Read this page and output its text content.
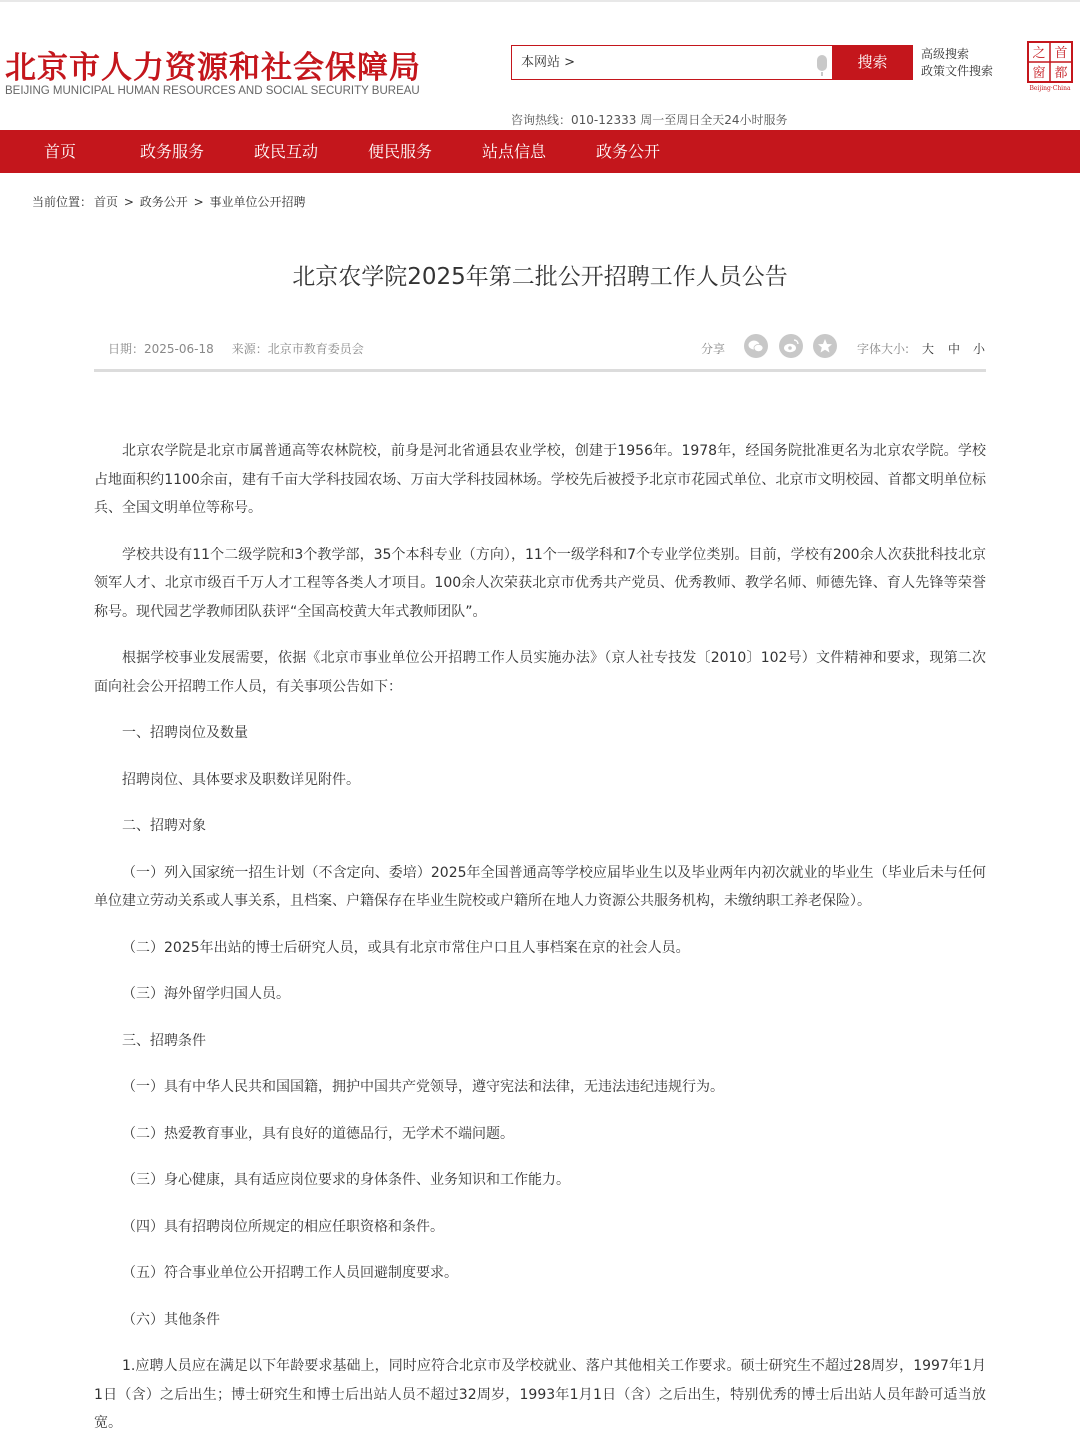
北京市人力资源和社会保障局
BEIJING MUNICIPAL HUMAN RESOURCES AND SOCIAL SECURITY BUREAU
本网站 >
搜索	高级搜索
政策文件搜索
之 首
窗 都
Beijing·China
咨询热线：010-12333 周一至周日全天24小时服务
首页	政务服务	政民互动	便民服务	站点信息	政务公开
当前位置： 首页 > 政务公开 > 事业单位公开招聘
北京农学院2025年第二批公开招聘工作人员公告
日期：2025-06-18 来源：北京市教育委员会	分享	字体大小: 大 中 小

北京农学院是北京市属普通高等农林院校，前身是河北省通县农业学校，创建于1956年。1978年，经国务院批准更名为北京农学院。学校占地面积约1100余亩，建有千亩大学科技园农场、万亩大学科技园林场。学校先后被授予北京市花园式单位、北京市文明校园、首都文明单位标兵、全国文明单位等称号。

学校共设有11个二级学院和3个教学部，35个本科专业（方向），11个一级学科和7个专业学位类别。目前，学校有200余人次获批科技北京领军人才、北京市级百千万人才工程等各类人才项目。100余人次荣获北京市优秀共产党员、优秀教师、教学名师、师德先锋、育人先锋等荣誉称号。现代园艺学教师团队获评“全国高校黄大年式教师团队”。

根据学校事业发展需要，依据《北京市事业单位公开招聘工作人员实施办法》（京人社专技发〔2010〕102号）文件精神和要求，现第二次面向社会公开招聘工作人员，有关事项公告如下：

一、招聘岗位及数量

招聘岗位、具体要求及职数详见附件。

二、招聘对象

（一）列入国家统一招生计划（不含定向、委培）2025年全国普通高等学校应届毕业生以及毕业两年内初次就业的毕业生（毕业后未与任何单位建立劳动关系或人事关系，且档案、户籍保存在毕业生院校或户籍所在地人力资源公共服务机构，未缴纳职工养老保险）。

（二）2025年出站的博士后研究人员，或具有北京市常住户口且人事档案在京的社会人员。

（三）海外留学归国人员。

三、招聘条件

（一）具有中华人民共和国国籍，拥护中国共产党领导，遵守宪法和法律，无违法违纪违规行为。

（二）热爱教育事业，具有良好的道德品行，无学术不端问题。

（三）身心健康，具有适应岗位要求的身体条件、业务知识和工作能力。

（四）具有招聘岗位所规定的相应任职资格和条件。

（五）符合事业单位公开招聘工作人员回避制度要求。

（六）其他条件

1.应聘人员应在满足以下年龄要求基础上，同时应符合北京市及学校就业、落户其他相关工作要求。硕士研究生不超过28周岁，1997年1月1日（含）之后出生；博士研究生和博士后出站人员不超过32周岁，1993年1月1日（含）之后出生，特别优秀的博士后出站人员年龄可适当放宽。
